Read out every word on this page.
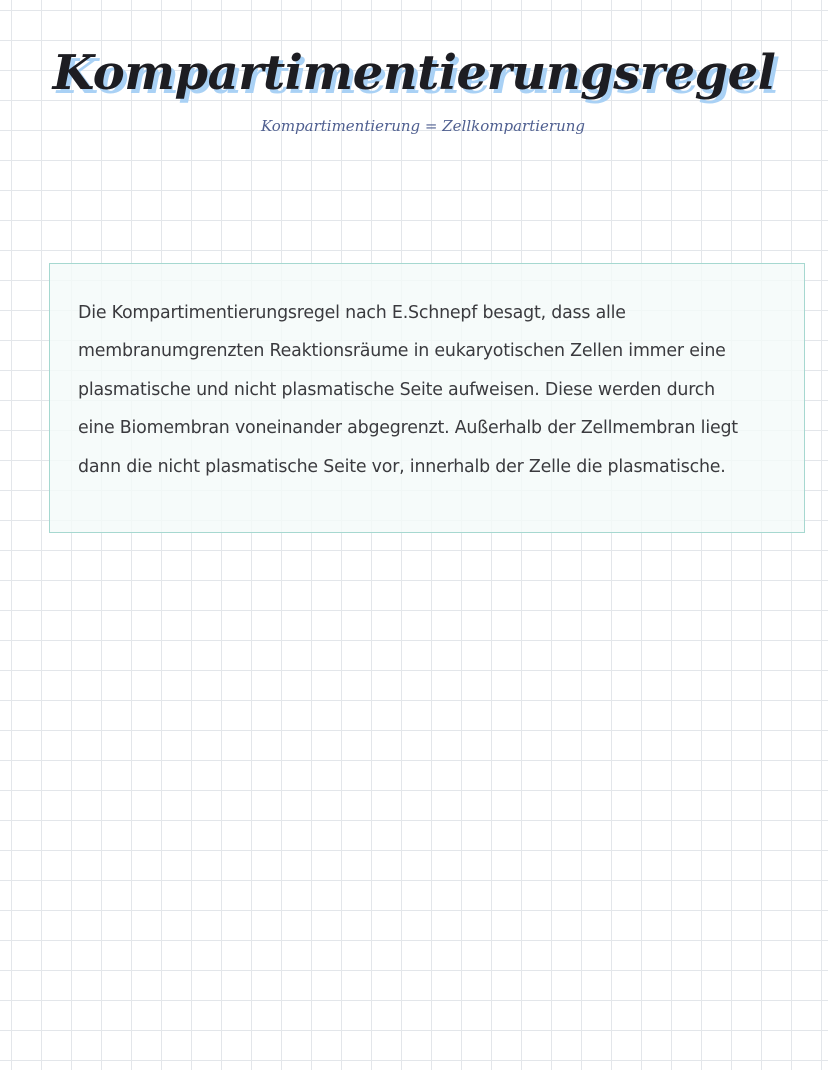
Kompartimentierungsregel
Kompartimentierung = Zellkompartierung

Die Kompartimentierungsregel nach E.Schnepf besagt, dass alle
membranumgrenzten Reaktionsräume in eukaryotischen Zellen immer eine
plasmatische und nicht plasmatische Seite aufweisen. Diese werden durch
eine Biomembran voneinander abgegrenzt. Außerhalb der Zellmembran liegt
dann die nicht plasmatische Seite vor, innerhalb der Zelle die plasmatische.
